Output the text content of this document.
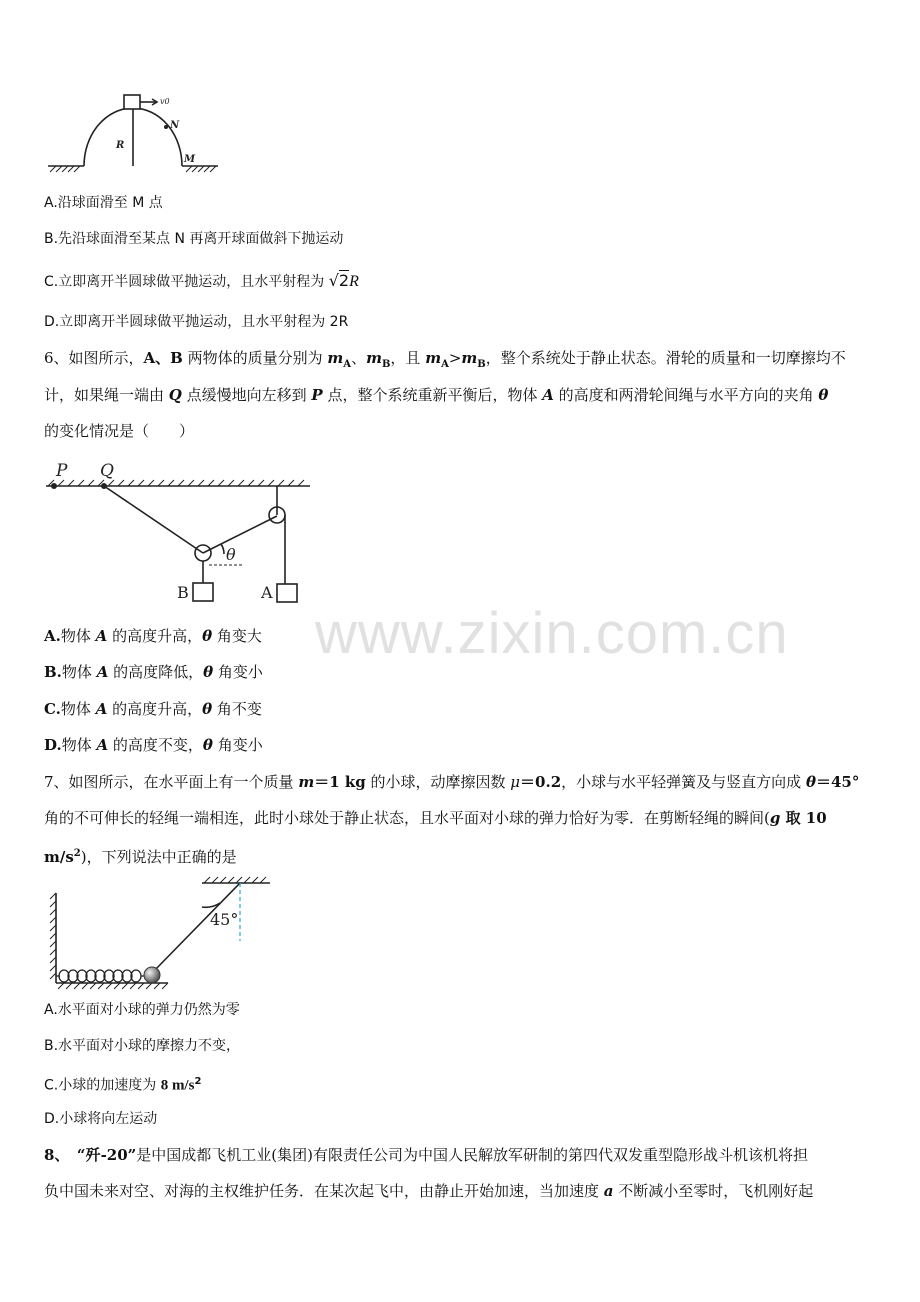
v0
N
R
M
A.沿球面滑至 M 点
B.先沿球面滑至某点 N 再离开球面做斜下抛运动
C.立即离开半圆球做平抛运动，且水平射程为 √2R
D.立即离开半圆球做平抛运动，且水平射程为 2R
6、如图所示，A、B 两物体的质量分别为 $m_A$、$m_B$，且 $m_A>m_B$，整个系统处于静止状态。滑轮的质量和一切摩擦均不
计，如果绳一端由 Q 点缓慢地向左移到 P 点，整个系统重新平衡后，物体 A 的高度和两滑轮间绳与水平方向的夹角 θ
的变化情况是（　　）
P Q
θ
B	A
A.物体 A 的高度升高，θ 角变大
B.物体 A 的高度降低，θ 角变小
C.物体 A 的高度升高，θ 角不变
D.物体 A 的高度不变，θ 角变小
7、如图所示，在水平面上有一个质量 m＝1 kg 的小球，动摩擦因数 μ＝0.2，小球与水平轻弹簧及与竖直方向成 θ＝45°
角的不可伸长的轻绳一端相连，此时小球处于静止状态，且水平面对小球的弹力恰好为零．在剪断轻绳的瞬间(g 取 10
$m/s^2$)，下列说法中正确的是
45°
A.水平面对小球的弹力仍然为零
B.水平面对小球的摩擦力不变，
C.小球的加速度为 8 $m/s^2$
D.小球将向左运动
8、　“歼-20”是中国成都飞机工业(集团)有限责任公司为中国人民解放军研制的第四代双发重型隐形战斗机该机将担
负中国未来对空、对海的主权维护任务．在某次起飞中，由静止开始加速，当加速度 a 不断减小至零时，飞机刚好起
www.zixin.com.cn
